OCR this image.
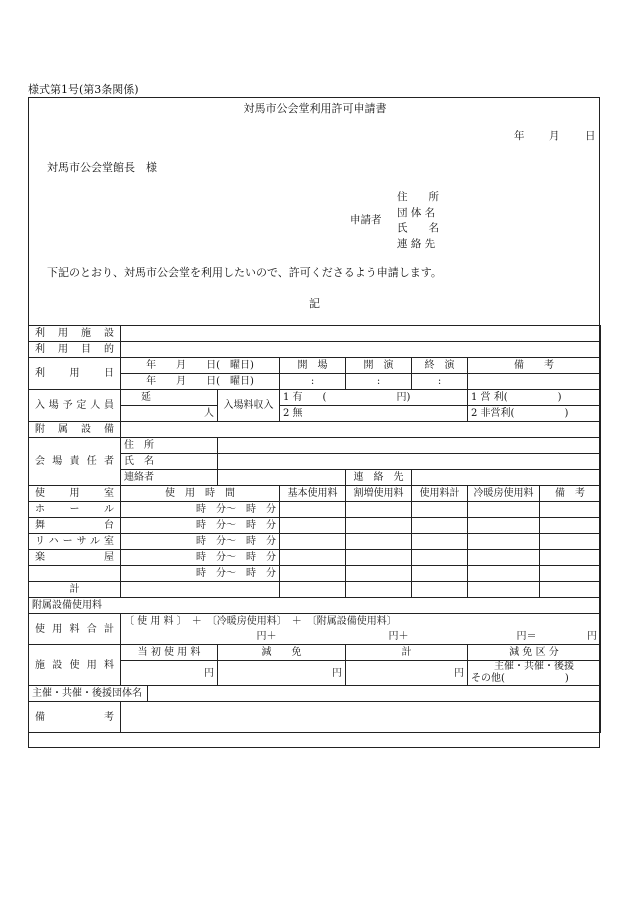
様式第1号(第3条関係)
対馬市公会堂利用許可申請書
年 月 日
対馬市公会堂館長　様
申請者
住　　所
団 体 名
氏　　名
連 絡 先
下記のとおり、対馬市公会堂を利用したいので、許可くださるよう申請します。
記
利用施設								
利用目的								
利用日	年　　月　　日(　曜日)			開　場	開　演	終　演	備　　考	
	年　　月　　日(　曜日)			:	:	:		
入場予定人員	延		入場料収入	1 有　　(　　　　　　　円)			1 営 利(　　　　　)	
	人			2 無			2 非営利(　　　　　)	
附属設備								
会場責任者	住　所							
	氏　名							
	連絡者				連　絡　先			
使　用　室	使　用　時　間			基本使用料	割増使用料	使用料計	冷暖房使用料	備　考
ホ　ー　ル	時　分～　時　分							
舞　　　台	時　分～　時　分							
リハーサル室	時　分～　時　分							
楽　　　屋	時　分～　時　分							
	時　分～　時　分							
計								
附属設備使用料								
使用料合計	〔 使 用 料 〕　＋　〔冷暖房使用料〕　＋　〔附属設備使用料〕							
	円＋			円＋		円＝		円
施設使用料	当 初 使 用 料		減　　免		計		減 免 区 分	
	円		円		円		主催・共催・後援
その他(　　　　　　)	

主催・共催・後援団体名								
備　　考								
